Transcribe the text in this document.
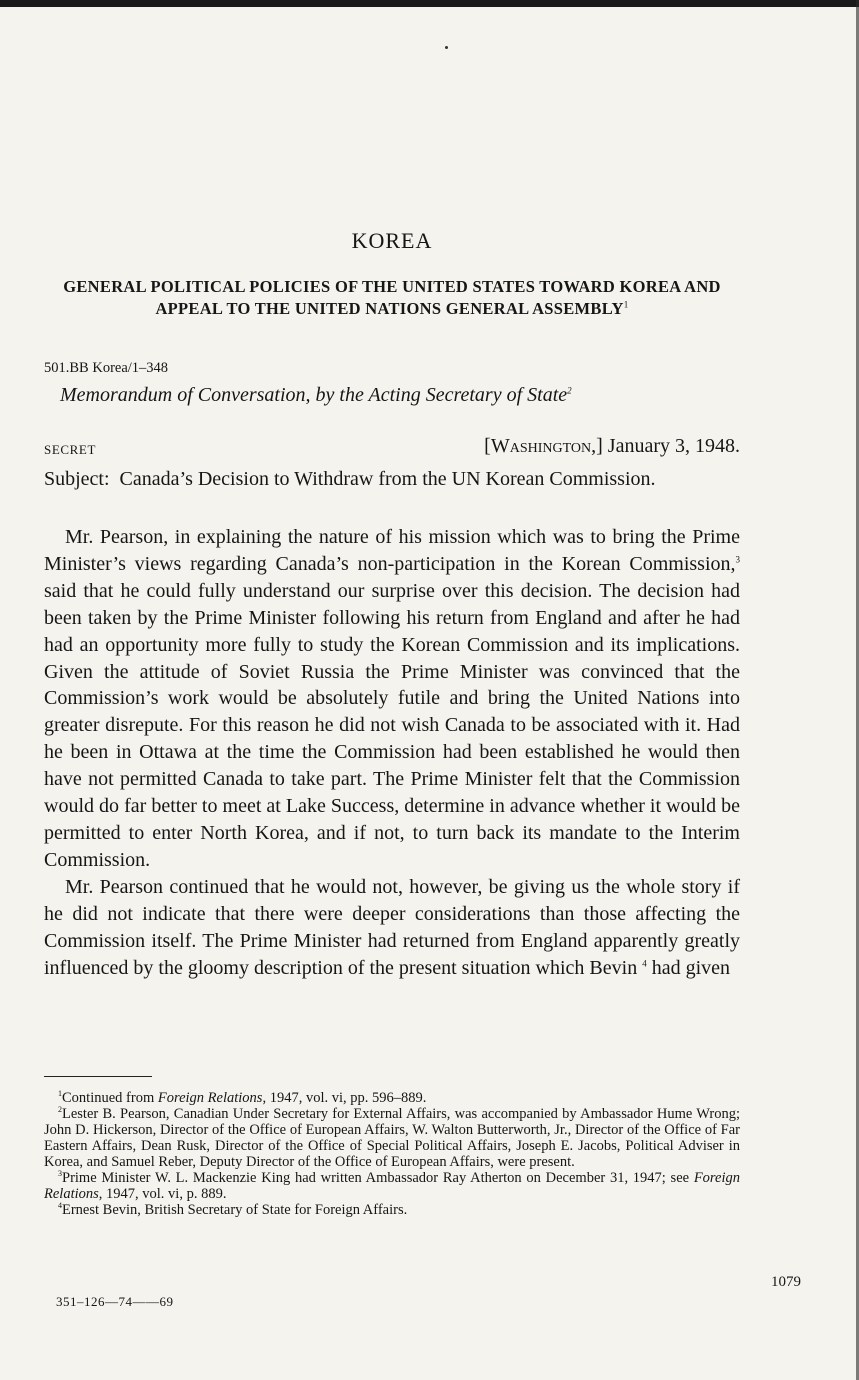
KOREA
GENERAL POLITICAL POLICIES OF THE UNITED STATES TOWARD KOREA AND APPEAL TO THE UNITED NATIONS GENERAL ASSEMBLY$^1$
501.BB Korea/1–348
Memorandum of Conversation, by the Acting Secretary of State$^2$
SECRET	[Washington,] January 3, 1948.
Subject: Canada’s Decision to Withdraw from the UN Korean Commission.

Mr. Pearson, in explaining the nature of his mission which was to bring the Prime Minister’s views regarding Canada’s non-participation in the Korean Commission,$^3$ said that he could fully understand our surprise over this decision. The decision had been taken by the Prime Minister following his return from England and after he had had an opportunity more fully to study the Korean Commission and its implications. Given the attitude of Soviet Russia the Prime Minister was convinced that the Commission’s work would be absolutely futile and bring the United Nations into greater disrepute. For this reason he did not wish Canada to be associated with it. Had he been in Ottawa at the time the Commission had been established he would then have not permitted Canada to take part. The Prime Minister felt that the Commission would do far better to meet at Lake Success, determine in advance whether it would be permitted to enter North Korea, and if not, to turn back its mandate to the Interim Commission.

Mr. Pearson continued that he would not, however, be giving us the whole story if he did not indicate that there were deeper considerations than those affecting the Commission itself. The Prime Minister had returned from England apparently greatly influenced by the gloomy description of the present situation which Bevin $^4$ had given

$^1$Continued from Foreign Relations, 1947, vol. vi, pp. 596–889.

$^2$Lester B. Pearson, Canadian Under Secretary for External Affairs, was accompanied by Ambassador Hume Wrong; John D. Hickerson, Director of the Office of European Affairs, W. Walton Butterworth, Jr., Director of the Office of Far Eastern Affairs, Dean Rusk, Director of the Office of Special Political Affairs, Joseph E. Jacobs, Political Adviser in Korea, and Samuel Reber, Deputy Director of the Office of European Affairs, were present.

$^3$Prime Minister W. L. Mackenzie King had written Ambassador Ray Atherton on December 31, 1947; see Foreign Relations, 1947, vol. vi, p. 889.

$^4$Ernest Bevin, British Secretary of State for Foreign Affairs.

1079
351–126—74——69
